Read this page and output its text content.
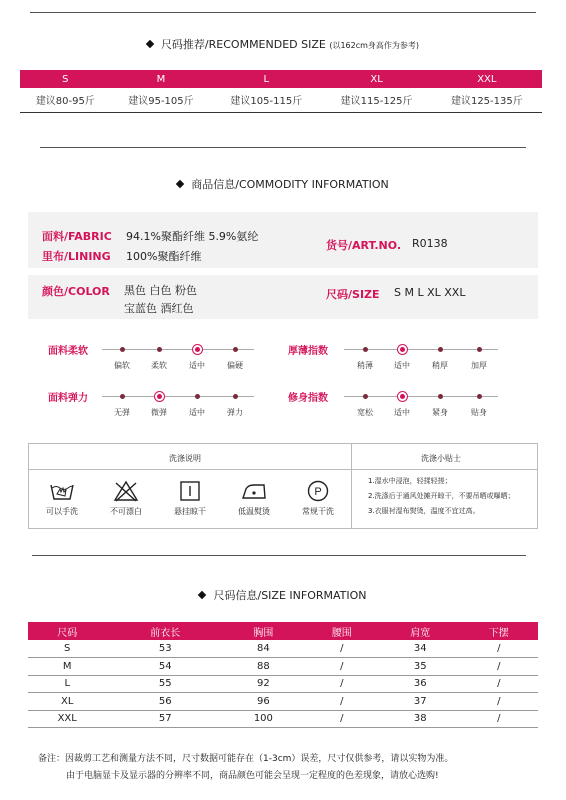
尺码推荐/RECOMMENDED SIZE (以162cm身高作为参考)
S	M	L	XL	XXL
建议80-95斤	建议95-105斤	建议105-115斤	建议115-125斤	建议125-135斤
商品信息/COMMODITY INFORMATION
面料/FABRIC 94.1%聚酯纤维 5.9%氨纶
里布/LINING 100%聚酯纤维
货号/ART.NO. R0138
颜色/COLOR 黑色 白色 粉色
宝蓝色 酒红色
尺码/SIZE S M L XL XXL
面料柔软
偏软	柔软	适中	偏硬
厚薄指数
稍薄	适中	稍厚	加厚
面料弹力
无弹	微弹	适中	弹力
修身指数
宽松	适中	紧身	贴身
洗涤说明	洗涤小贴士
可以手洗	不可漂白	悬挂晾干	低温熨烫
P
常规干洗
1.湿水中浸泡，轻揉轻搓；
2.洗涤后于通风处摊开晾干，不要吊晒或曝晒；
3.衣服衬湿布熨烫，温度不宜过高。
尺码信息/SIZE INFORMATION
尺码	前衣长	胸围	腰围	肩宽	下摆
S	53	84	/	34	/
M	54	88	/	35	/
L	55	92	/	36	/
XL	56	96	/	37	/
XXL	57	100	/	38	/
备注：因裁剪工艺和测量方法不同，尺寸数据可能存在（1-3cm）误差，尺寸仅供参考，请以实物为准。
由于电脑显卡及显示器的分辨率不同，商品颜色可能会呈现一定程度的色差现象，请放心选购!
